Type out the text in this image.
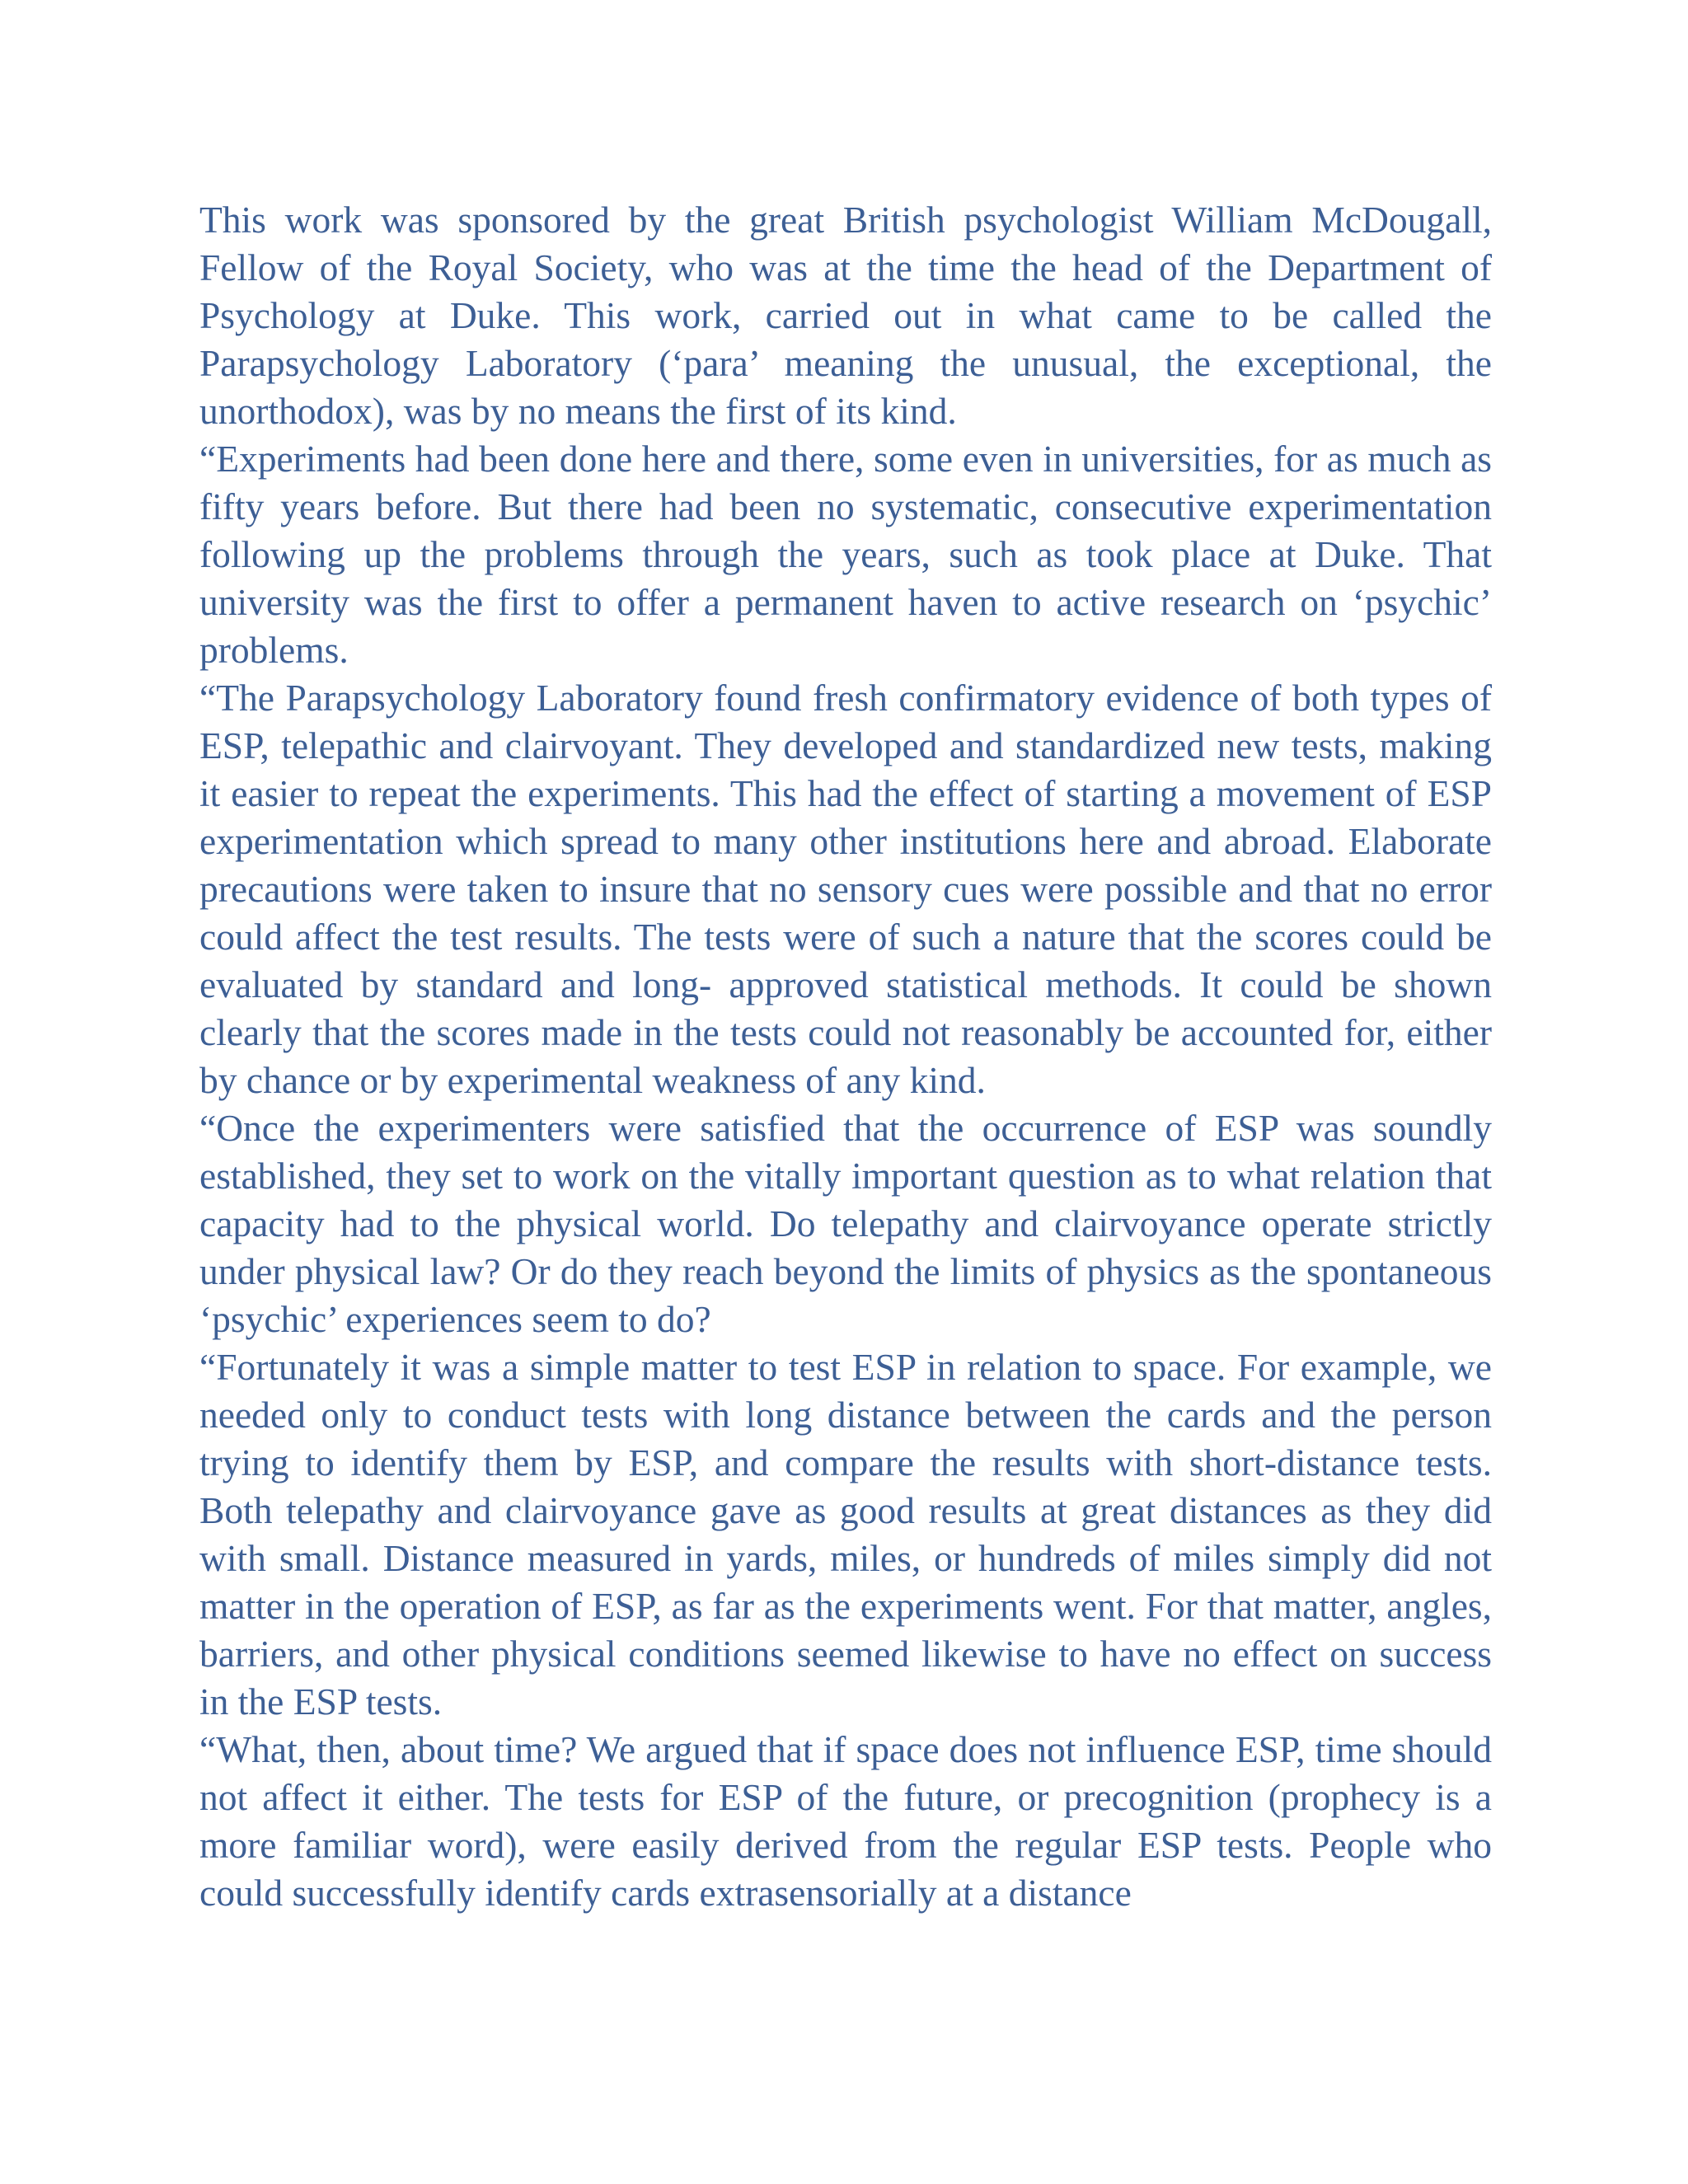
This work was sponsored by the great British psychologist William McDougall, Fellow of the Royal Society, who was at the time the head of the Department of Psychology at Duke. This work, carried out in what came to be called the Parapsychology Laboratory (‘para’ meaning the unusual, the exceptional, the unorthodox), was by no means the first of its kind.

“Experiments had been done here and there, some even in universities, for as much as fifty years before. But there had been no systematic, consecutive experimentation following up the problems through the years, such as took place at Duke. That university was the first to offer a permanent haven to active research on ‘psychic’ problems.

“The Parapsychology Laboratory found fresh confirmatory evidence of both types of ESP, telepathic and clairvoyant. They developed and standardized new tests, making it easier to repeat the experiments. This had the effect of starting a movement of ESP experimentation which spread to many other institutions here and abroad. Elaborate precautions were taken to insure that no sensory cues were possible and that no error could affect the test results. The tests were of such a nature that the scores could be evaluated by standard and long- approved statistical methods. It could be shown clearly that the scores made in the tests could not reasonably be accounted for, either by chance or by experimental weakness of any kind.

“Once the experimenters were satisfied that the occurrence of ESP was soundly established, they set to work on the vitally important question as to what relation that capacity had to the physical world. Do telepathy and clairvoyance operate strictly under physical law? Or do they reach beyond the limits of physics as the spontaneous ‘psychic’ experiences seem to do?

“Fortunately it was a simple matter to test ESP in relation to space. For example, we needed only to conduct tests with long distance between the cards and the person trying to identify them by ESP, and compare the results with short-distance tests. Both telepathy and clairvoyance gave as good results at great distances as they did with small. Distance measured in yards, miles, or hundreds of miles simply did not matter in the operation of ESP, as far as the experiments went. For that matter, angles, barriers, and other physical conditions seemed likewise to have no effect on success in the ESP tests.

“What, then, about time? We argued that if space does not influence ESP, time should not affect it either. The tests for ESP of the future, or precognition (prophecy is a more familiar word), were easily derived from the regular ESP tests. People who could successfully identify cards extrasensorially at a distance
